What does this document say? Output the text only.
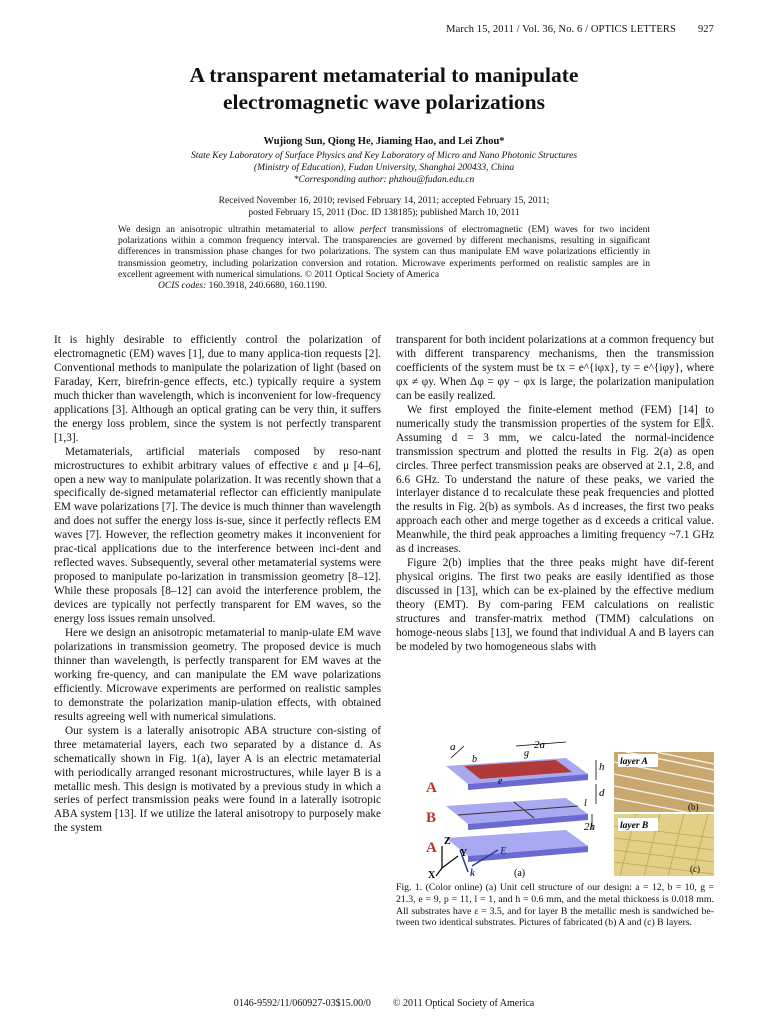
March 15, 2011 / Vol. 36, No. 6 / OPTICS LETTERS 927
A transparent metamaterial to manipulate
electromagnetic wave polarizations
Wujiong Sun, Qiong He, Jiaming Hao, and Lei Zhou*
State Key Laboratory of Surface Physics and Key Laboratory of Micro and Nano Photonic Structures
(Ministry of Education), Fudan University, Shanghai 200433, China
*Corresponding author: phzhou@fudan.edu.cn
Received November 16, 2010; revised February 14, 2011; accepted February 15, 2011;
posted February 15, 2011 (Doc. ID 138185); published March 10, 2011
We design an anisotropic ultrathin metamaterial to allow perfect transmissions of electromagnetic (EM) waves for two incident polarizations within a common frequency interval. The transparencies are governed by different mechanisms, resulting in significant differences in transmission phase changes for two polarizations. The system can thus manipulate EM wave polarizations efficiently in transmission geometry, including polarization conversion and rotation. Microwave experiments performed on realistic samples are in excellent agreement with numerical simulations. © 2011 Optical Society of America
OCIS codes: 160.3918, 240.6680, 160.1190.

It is highly desirable to efficiently control the polarization of electromagnetic (EM) waves [1], due to many applica-tion requests [2]. Conventional methods to manipulate the polarization of light (based on Faraday, Kerr, birefrin-gence effects, etc.) typically require a system much thicker than wavelength, which is inconvenient for low-frequency applications [3]. Although an optical grating can be very thin, it suffers the energy loss problem, since the system is not perfectly transparent [1,3].

Metamaterials, artificial materials composed by reso-nant microstructures to exhibit arbitrary values of effective ε and μ [4–6], open a new way to manipulate polarization. It was recently shown that a specifically de-signed metamaterial reflector can efficiently manipulate EM wave polarizations [7]. The device is much thinner than wavelength and does not suffer the energy loss is-sue, since it perfectly reflects EM waves [7]. However, the reflection geometry makes it inconvenient for prac-tical applications due to the interference between inci-dent and reflected waves. Subsequently, several other metamaterial systems were proposed to manipulate po-larization in transmission geometry [8–12]. While these proposals [8–12] can avoid the interference problem, the devices are typically not perfectly transparent for EM waves, so the energy loss issues remain unsolved.

Here we design an anisotropic metamaterial to manip-ulate EM wave polarizations in transmission geometry. The proposed device is much thinner than wavelength, is perfectly transparent for EM waves at the working fre-quency, and can manipulate the EM wave polarizations efficiently. Microwave experiments are performed on realistic samples to demonstrate the polarization manip-ulation effects, with obtained results agreeing well with numerical simulations.

Our system is a laterally anisotropic ABA structure con-sisting of three metamaterial layers, each two separated by a distance d. As schematically shown in Fig. 1(a), layer A is an electric metamaterial with periodically arranged resonant microstructures, while layer B is a metallic mesh. This design is motivated by a previous study in which a series of perfect transmission peaks were found in a laterally isotropic ABA system [13]. If we utilize the lateral anisotropy to purposely make the system

transparent for both incident polarizations at a common frequency but with different transparency mechanisms, then the transmission coefficients of the system must be tx = e^{iφx}, ty = e^{iφy}, where φx ≠ φy. When Δφ = φy − φx is large, the polarization manipulation can be easily realized.

We first employed the finite-element method (FEM) [14] to numerically study the transmission properties of the system for E∥x̂. Assuming d = 3 mm, we calcu-lated the normal-incidence transmission spectrum and plotted the results in Fig. 2(a) as open circles. Three perfect transmission peaks are observed at 2.1, 2.8, and 6.6 GHz. To understand the nature of these peaks, we varied the interlayer distance d to recalculate these peak frequencies and plotted the results in Fig. 2(b) as symbols. As d increases, the first two peaks approach each other and merge together as d exceeds a critical value. Meanwhile, the third peak approaches a limiting frequency ~7.1 GHz as d increases.

Figure 2(b) implies that the three peaks might have dif-ferent physical origins. The first two peaks are easily identified as those discussed in [13], which can be ex-plained by the effective medium theory (EMT). By com-paring FEM calculations on realistic structures and transfer-matrix method (TMM) calculations on homoge-neous slabs [13], we found that individual A and B layers can be modeled by two homogeneous slabs with

a
b
2a
g
h
d
e
l
2h
A
B
A Z
Y
X
E
k	(a)
layer A
(b)
layer B
(c)
Fig. 1. (Color online) (a) Unit cell structure of our design: a = 12, b = 10, g = 21.3, e = 9, p = 11, l = 1, and h = 0.6 mm, and the metal thickness is 0.018 mm. All substrates have ε = 3.5, and for layer B the metallic mesh is sandwiched be-tween two identical substrates. Pictures of fabricated (b) A and (c) B layers.
0146-9592/11/060927-03$15.00/0 © 2011 Optical Society of America
